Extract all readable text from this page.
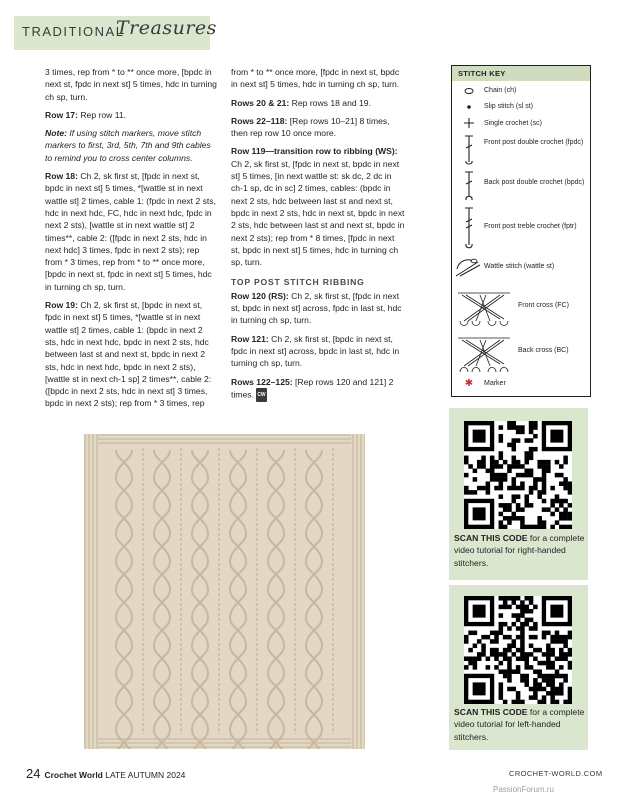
TRADITIONAL
Treasures

3 times, rep from * to ** once more, [bpdc in next st, fpdc in next st] 5 times, hdc in turning ch sp, turn.

Row 17: Rep row 11.

Note: If using stitch markers, move stitch markers to first, 3rd, 5th, 7th and 9th cables to remind you to cross center columns.

Row 18: Ch 2, sk first st, [fpdc in next st, bpdc in next st] 5 times, *[wattle st in next wattle st] 2 times, cable 1: (fpdc in next 2 sts, hdc in next hdc, FC, hdc in next hdc, fpdc in next 2 sts), [wattle st in next wattle st] 2 times**, cable 2: ([fpdc in next 2 sts, hdc in next hdc] 3 times, fpdc in next 2 sts); rep from * 3 times, rep from * to ** once more, [bpdc in next st, fpdc in next st] 5 times, hdc in turning ch sp, turn.

Row 19: Ch 2, sk first st, [bpdc in next st, fpdc in next st] 5 times, *[wattle st in next wattle st] 2 times, cable 1: (bpdc in next 2 sts, hdc in next hdc, bpdc in next 2 sts, hdc between last st and next st, bpdc in next 2 sts, hdc in next hdc, bpdc in next 2 sts), [wattle st in next ch-1 sp] 2 times**, cable 2: ([bpdc in next 2 sts, hdc in next st] 3 times, bpdc in next 2 sts); rep from * 3 times, rep

from * to ** once more, [fpdc in next st, bpdc in next st] 5 times, hdc in turning ch sp, turn.

Rows 20 & 21: Rep rows 18 and 19.

Rows 22–118: [Rep rows 10–21] 8 times, then rep row 10 once more.

Row 119—transition row to ribbing (WS): Ch 2, sk first st, [fpdc in next st, bpdc in next st] 5 times, [in next wattle st: sk dc, 2 dc in ch-1 sp, dc in sc] 2 times, cables: (bpdc in next 2 sts, hdc between last st and next st, bpdc in next 2 sts, hdc in next st, bpdc in next 2 sts, hdc between last st and next st, bpdc in next 2 sts); rep from * 8 times, [fpdc in next st, bpdc in next st] 5 times, hdc in turning ch sp, turn.

TOP POST STITCH RIBBING

Row 120 (RS): Ch 2, sk first st, [fpdc in next st, bpdc in next st] across, fpdc in last st, hdc in turning ch sp, turn.

Row 121: Ch 2, sk first st, [bpdc in next st, fpdc in next st] across, bpdc in last st, hdc in turning ch sp, turn.

Rows 122–125: [Rep rows 120 and 121] 2 times. CW

STITCH KEY
Chain (ch)
Slip stitch (sl st)
Single crochet (sc)
Front post double crochet (fpdc)
Back post double crochet (bpdc)
Front post treble crochet (fptr)
Wattle stitch (wattle st)
Front cross (FC)
Back cross (BC)
✱	Marker
SCAN THIS CODE for a complete video tutorial for right-handed stitchers.
SCAN THIS CODE for a complete video tutorial for left-handed stitchers.
24 Crochet World LATE AUTUMN 2024	CROCHET-WORLD.COM
PassionForum.ru
